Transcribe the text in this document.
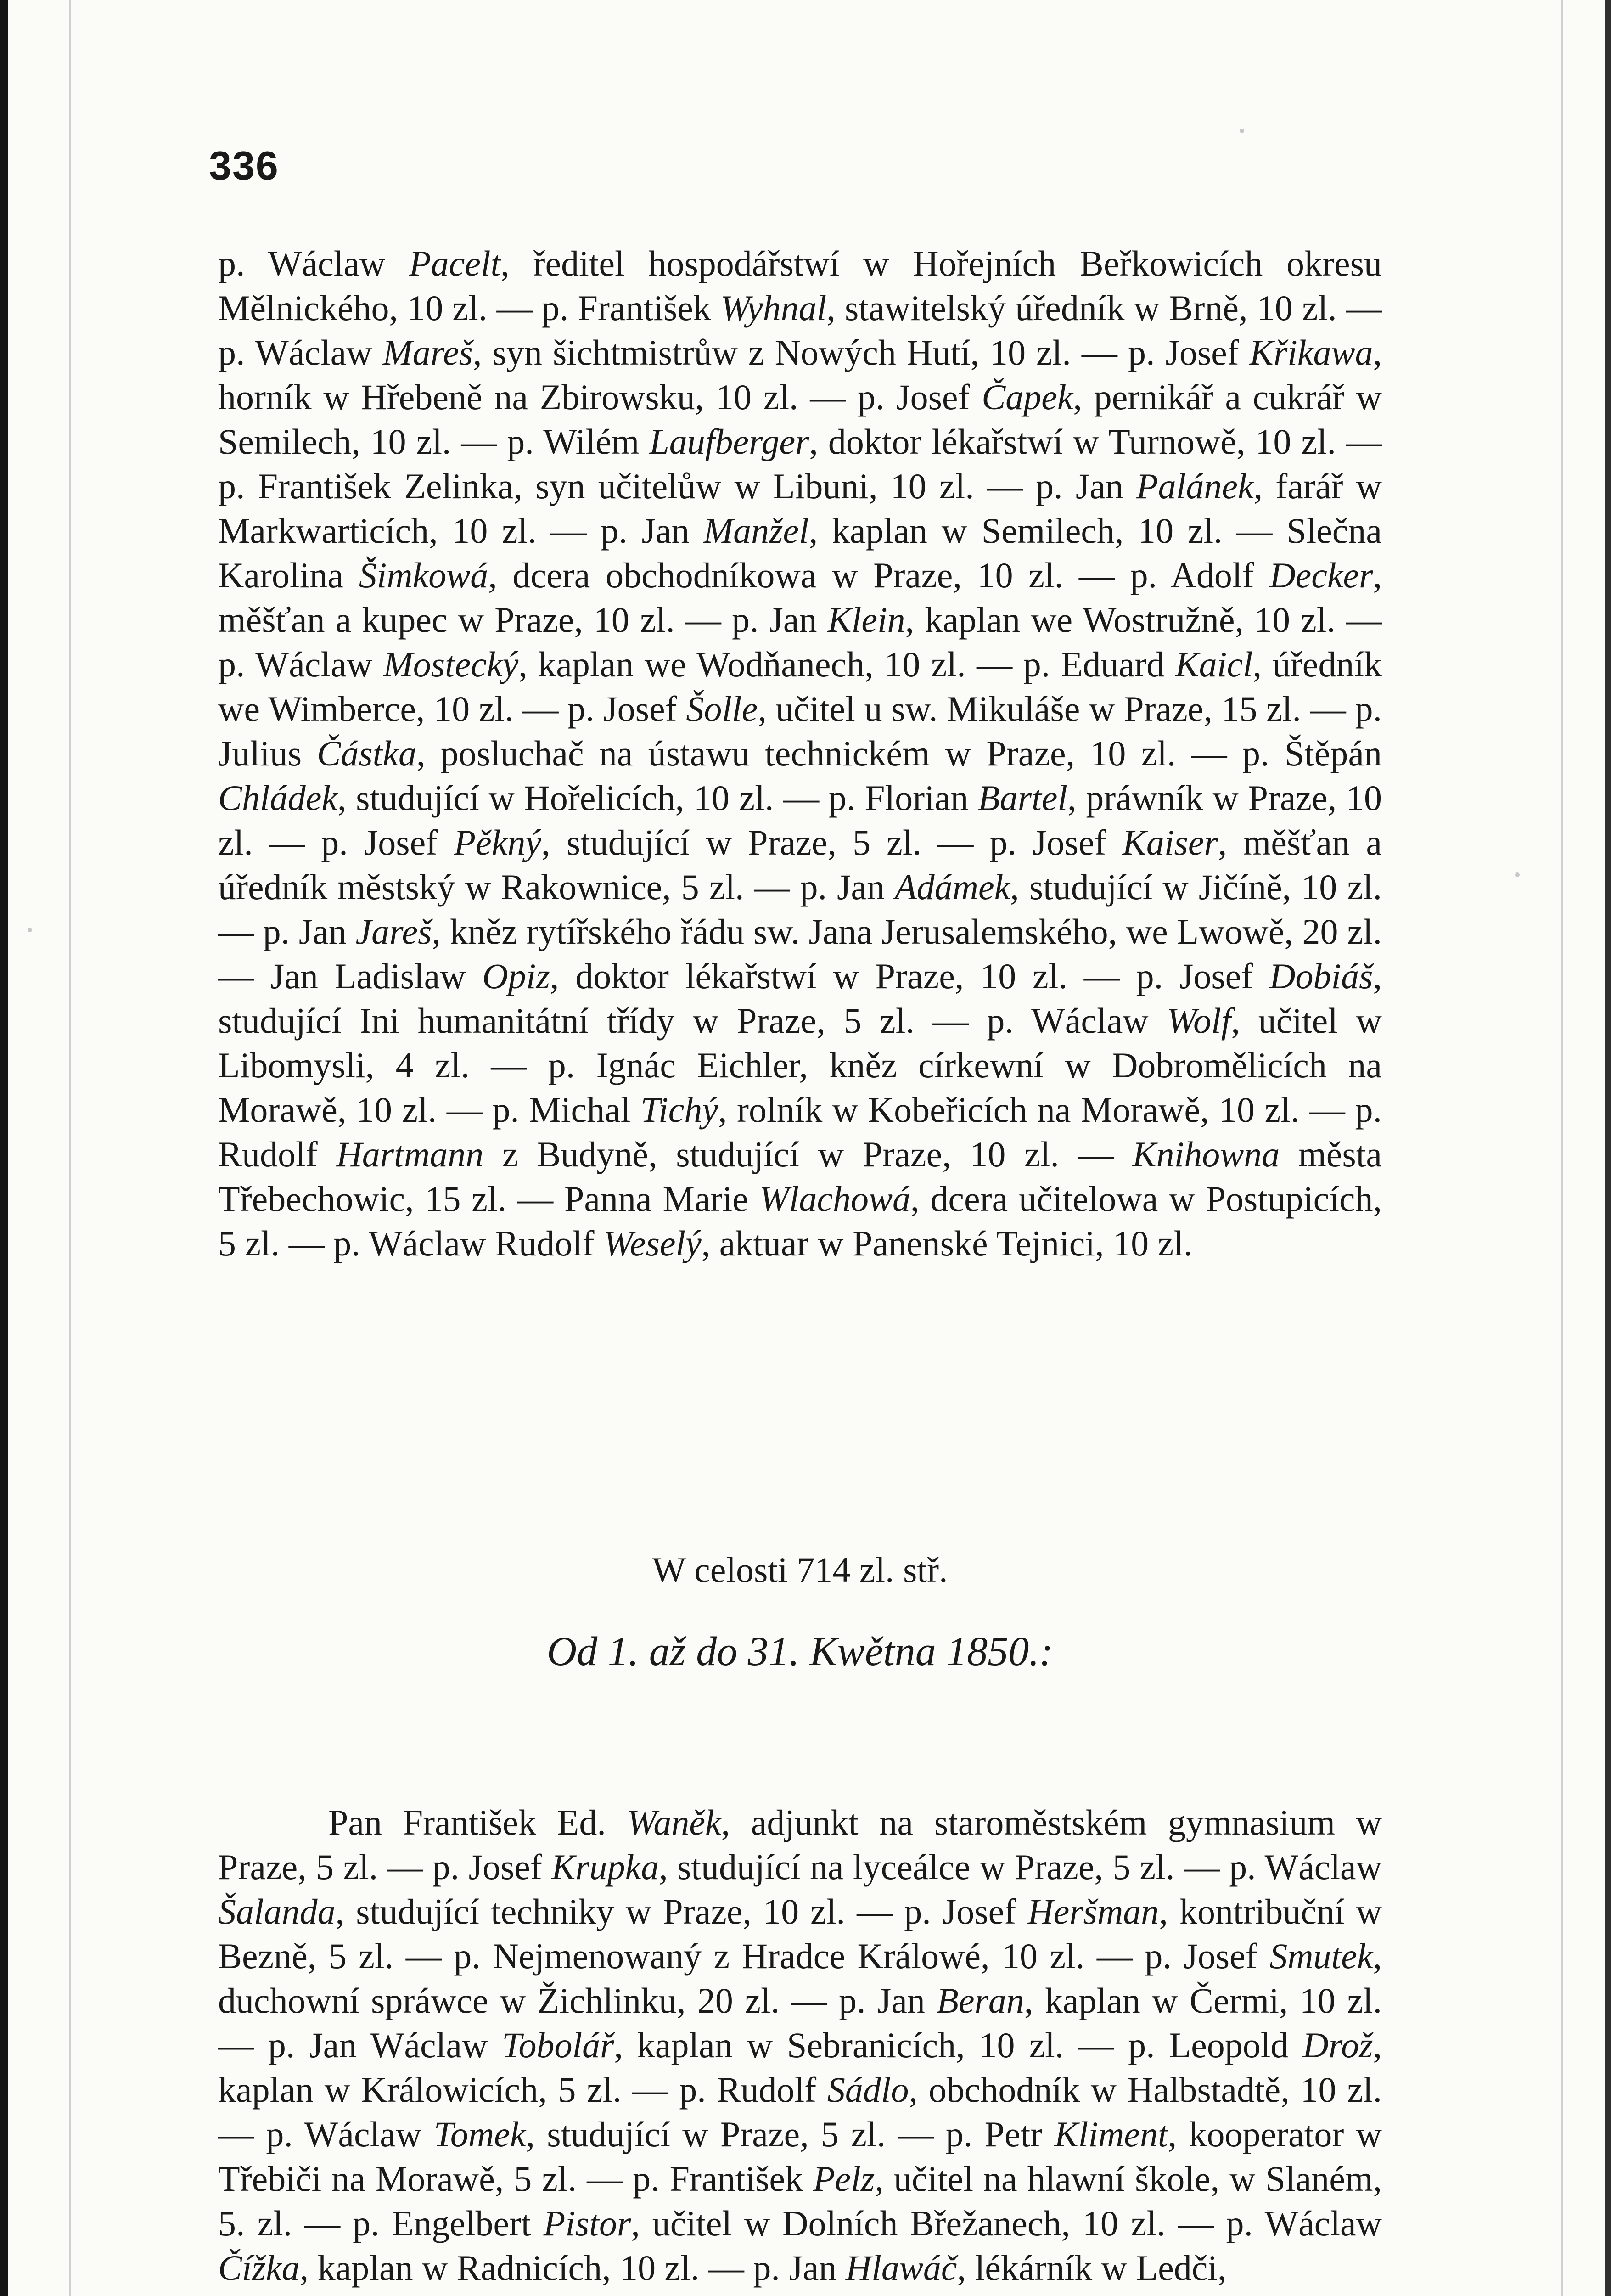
336
p. Wáclaw Pacelt, ředitel hospodářstwí w Hořejních Beřkowicích okresu Mělnického, 10 zl. — p. František Wyhnal, stawitelský úředník w Brně, 10 zl. — p. Wáclaw Mareš, syn šichtmistrůw z Nowých Hutí, 10 zl. — p. Josef Křikawa, horník w Hřebeně na Zbirowsku, 10 zl. — p. Josef Čapek, pernikář a cukrář w Semilech, 10 zl. — p. Wilém Laufberger, doktor lékařstwí w Turnowě, 10 zl. — p. František Zelinka, syn učitelůw w Libuni, 10 zl. — p. Jan Palánek, farář w Markwarticích, 10 zl. — p. Jan Manžel, kaplan w Semilech, 10 zl. — Slečna Karolina Šimkowá, dcera obchodníkowa w Praze, 10 zl. — p. Adolf Decker, měšťan a kupec w Praze, 10 zl. — p. Jan Klein, kaplan we Wostružně, 10 zl. — p. Wáclaw Mostecký, kaplan we Wodňanech, 10 zl. — p. Eduard Kaicl, úředník we Wimberce, 10 zl. — p. Josef Šolle, učitel u sw. Mikuláše w Praze, 15 zl. — p. Julius Částka, posluchač na ústawu technickém w Praze, 10 zl. — p. Štěpán Chládek, studující w Hořelicích, 10 zl. — p. Florian Bartel, práwník w Praze, 10 zl. — p. Josef Pěkný, studující w Praze, 5 zl. — p. Josef Kaiser, měšťan a úředník městský w Rakownice, 5 zl. — p. Jan Adámek, studující w Jičíně, 10 zl. — p. Jan Jareš, kněz rytířského řádu sw. Jana Jerusalemského, we Lwowě, 20 zl. — Jan Ladislaw Opiz, doktor lékařstwí w Praze, 10 zl. — p. Josef Dobiáš, studující Ini humanitátní třídy w Praze, 5 zl. — p. Wáclaw Wolf, učitel w Libomysli, 4 zl. — p. Ignác Eichler, kněz církewní w Dobromělicích na Morawě, 10 zl. — p. Michal Tichý, rolník w Kobeřicích na Morawě, 10 zl. — p. Rudolf Hartmann z Budyně, studující w Praze, 10 zl. — Knihowna města Třebechowic, 15 zl. — Panna Marie Wlachowá, dcera učitelowa w Postupicích, 5 zl. — p. Wáclaw Rudolf Weselý, aktuar w Panenské Tejnici, 10 zl.
W celosti 714 zl. stř.
Od 1. až do 31. Kwětna 1850.:
Pan František Ed. Waněk, adjunkt na staroměstském gymnasium w Praze, 5 zl. — p. Josef Krupka, studující na lyceálce w Praze, 5 zl. — p. Wáclaw Šalanda, studující techniky w Praze, 10 zl. — p. Josef Heršman, kontribuční w Bezně, 5 zl. — p. Nejmenowaný z Hradce Králowé, 10 zl. — p. Josef Smutek, duchowní spráwce w Žichlinku, 20 zl. — p. Jan Beran, kaplan w Čermi, 10 zl. — p. Jan Wáclaw Tobolář, kaplan w Sebranicích, 10 zl. — p. Leopold Drož, kaplan w Králowicích, 5 zl. — p. Rudolf Sádlo, obchodník w Halbstadtě, 10 zl. — p. Wáclaw Tomek, studující w Praze, 5 zl. — p. Petr Kliment, kooperator w Třebiči na Morawě, 5 zl. — p. František Pelz, učitel na hlawní škole, w Slaném, 5. zl. — p. Engelbert Pistor, učitel w Dolních Břežanech, 10 zl. — p. Wáclaw Čížka, kaplan w Radnicích, 10 zl. — p. Jan Hlawáč, lékárník w Ledči,
